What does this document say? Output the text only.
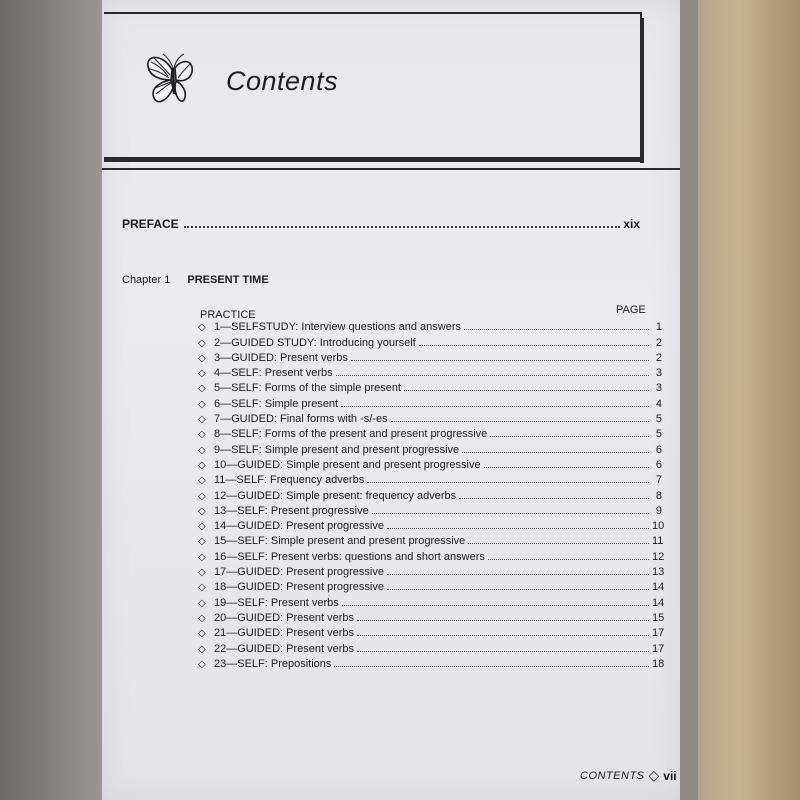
Contents
PREFACE	xix
Chapter 1 PRESENT TIME
PRACTICE	PAGE
◇ 1—SELFSTUDY: Interview questions and answers	1
◇ 2—GUIDED STUDY: Introducing yourself	2
◇ 3—GUIDED: Present verbs	2
◇ 4—SELF: Present verbs	3
◇ 5—SELF: Forms of the simple present	3
◇ 6—SELF: Simple present	4
◇ 7—GUIDED: Final forms with -s/-es	5
◇ 8—SELF: Forms of the present and present progressive	5
◇ 9—SELF: Simple present and present progressive	6
◇ 10—GUIDED: Simple present and present progressive	6
◇ 11—SELF: Frequency adverbs	7
◇ 12—GUIDED: Simple present: frequency adverbs	8
◇ 13—SELF: Present progressive	9
◇ 14—GUIDED: Present progressive	10
◇ 15—SELF: Simple present and present progressive	11
◇ 16—SELF: Present verbs: questions and short answers	12
◇ 17—GUIDED: Present progressive	13
◇ 18—GUIDED: Present progressive	14
◇ 19—SELF: Present verbs	14
◇ 20—GUIDED: Present verbs	15
◇ 21—GUIDED: Present verbs	17
◇ 22—GUIDED: Present verbs	17
◇ 23—SELF: Prepositions	18
CONTENTS ◇ vii
